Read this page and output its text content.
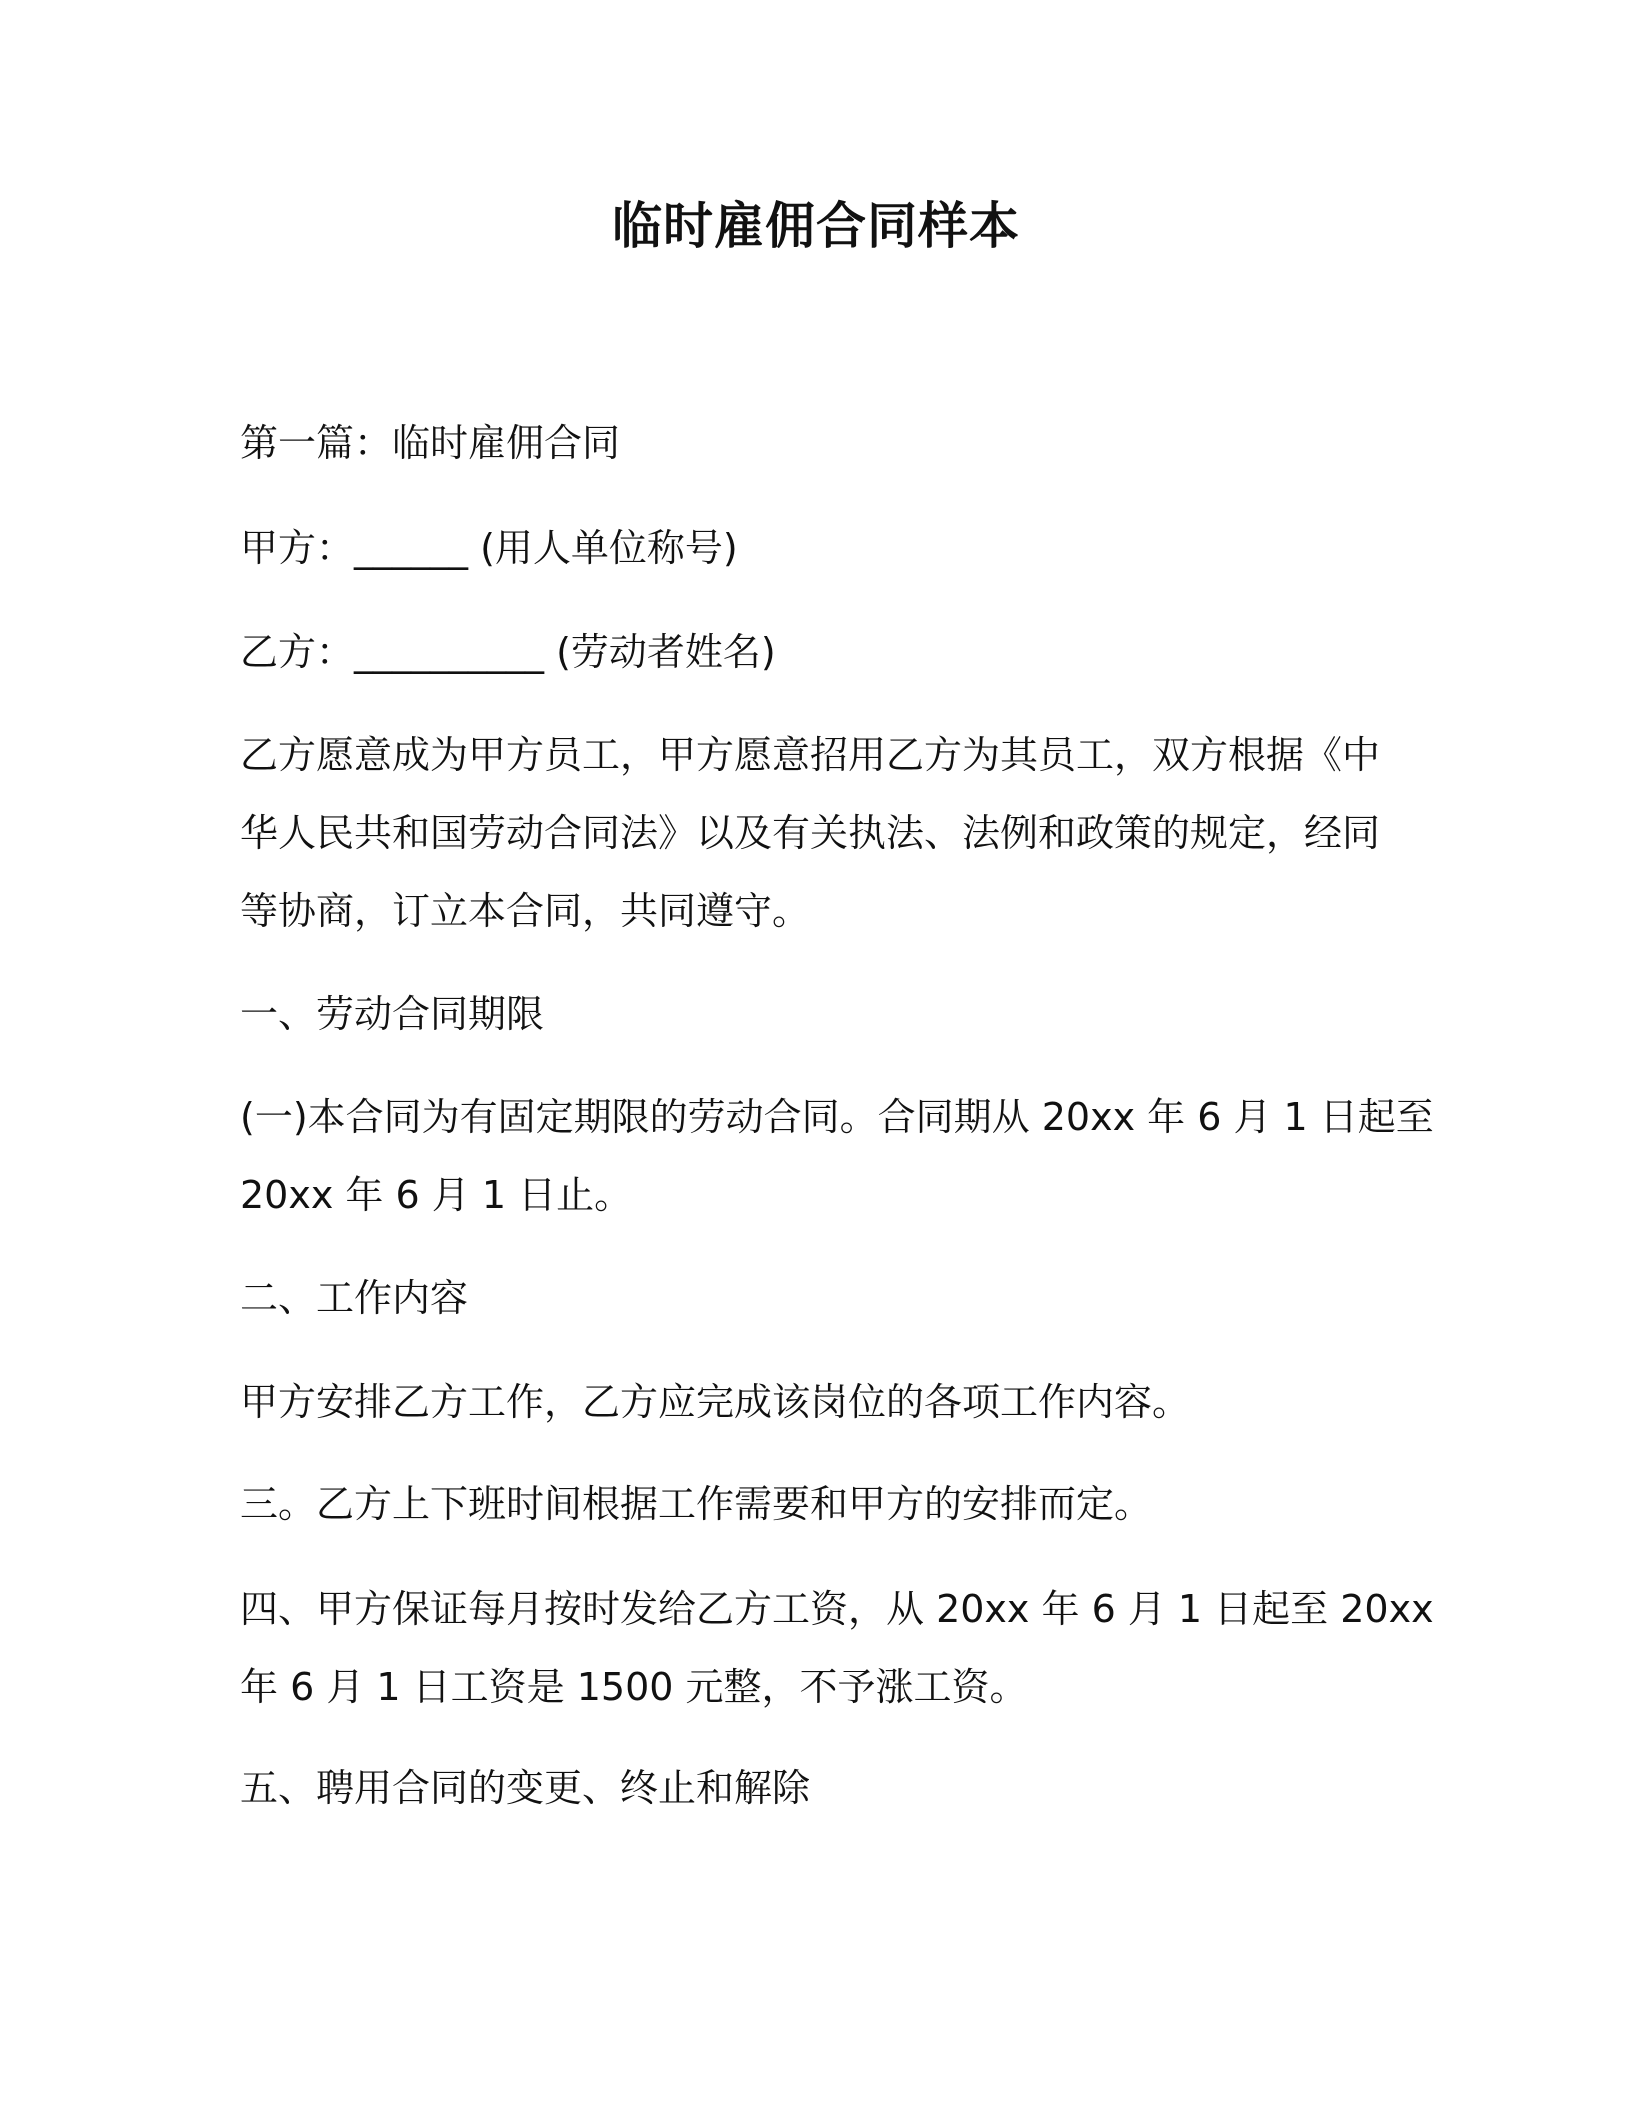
临时雇佣合同样本

第一篇：临时雇佣合同

甲方：______ (用人单位称号)

乙方：__________ (劳动者姓名)

乙方愿意成为甲方员工，甲方愿意招用乙方为其员工，双方根据《中
华人民共和国劳动合同法》以及有关执法、法例和政策的规定，经同
等协商，订立本合同，共同遵守。

一、劳动合同期限

(一)本合同为有固定期限的劳动合同。合同期从 20xx 年 6 月 1 日起至
20xx 年 6 月 1 日止。

二、工作内容

甲方安排乙方工作，乙方应完成该岗位的各项工作内容。

三。乙方上下班时间根据工作需要和甲方的安排而定。

四、甲方保证每月按时发给乙方工资，从 20xx 年 6 月 1 日起至 20xx
年 6 月 1 日工资是 1500 元整，不予涨工资。

五、聘用合同的变更、终止和解除
